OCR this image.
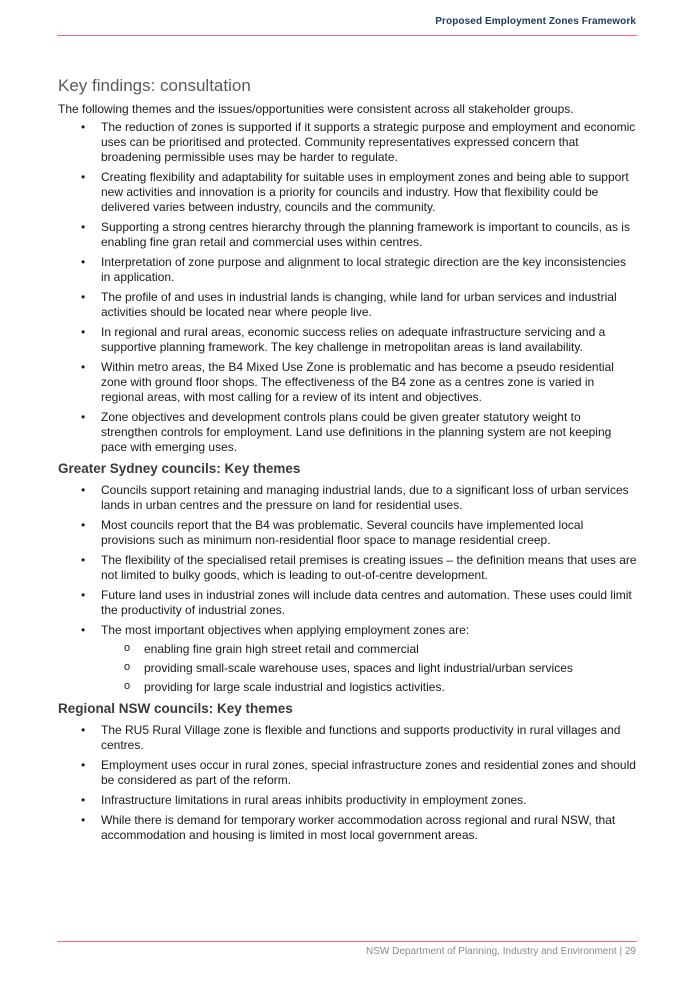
Proposed Employment Zones Framework
Key findings: consultation

The following themes and the issues/opportunities were consistent across all stakeholder groups.

• The reduction of zones is supported if it supports a strategic purpose and employment and economic uses can be prioritised and protected. Community representatives expressed concern that broadening permissible uses may be harder to regulate.
• Creating flexibility and adaptability for suitable uses in employment zones and being able to support new activities and innovation is a priority for councils and industry. How that flexibility could be delivered varies between industry, councils and the community.
• Supporting a strong centres hierarchy through the planning framework is important to councils, as is enabling fine gran retail and commercial uses within centres.
• Interpretation of zone purpose and alignment to local strategic direction are the key inconsistencies in application.
• The profile of and uses in industrial lands is changing, while land for urban services and industrial activities should be located near where people live.
• In regional and rural areas, economic success relies on adequate infrastructure servicing and a supportive planning framework. The key challenge in metropolitan areas is land availability.
• Within metro areas, the B4 Mixed Use Zone is problematic and has become a pseudo residential zone with ground floor shops. The effectiveness of the B4 zone as a centres zone is varied in regional areas, with most calling for a review of its intent and objectives.
• Zone objectives and development controls plans could be given greater statutory weight to strengthen controls for employment. Land use definitions in the planning system are not keeping pace with emerging uses.
Greater Sydney councils: Key themes
• Councils support retaining and managing industrial lands, due to a significant loss of urban services lands in urban centres and the pressure on land for residential uses.
• Most councils report that the B4 was problematic. Several councils have implemented local provisions such as minimum non-residential floor space to manage residential creep.
• The flexibility of the specialised retail premises is creating issues – the definition means that uses are not limited to bulky goods, which is leading to out-of-centre development.
• Future land uses in industrial zones will include data centres and automation. These uses could limit the productivity of industrial zones.
• The most important objectives when applying employment zones are:
o enabling fine grain high street retail and commercial
o providing small-scale warehouse uses, spaces and light industrial/urban services
o providing for large scale industrial and logistics activities.
Regional NSW councils: Key themes
• The RU5 Rural Village zone is flexible and functions and supports productivity in rural villages and centres.
• Employment uses occur in rural zones, special infrastructure zones and residential zones and should be considered as part of the reform.
• Infrastructure limitations in rural areas inhibits productivity in employment zones.
• While there is demand for temporary worker accommodation across regional and rural NSW, that accommodation and housing is limited in most local government areas.
NSW Department of Planning, Industry and Environment | 29
